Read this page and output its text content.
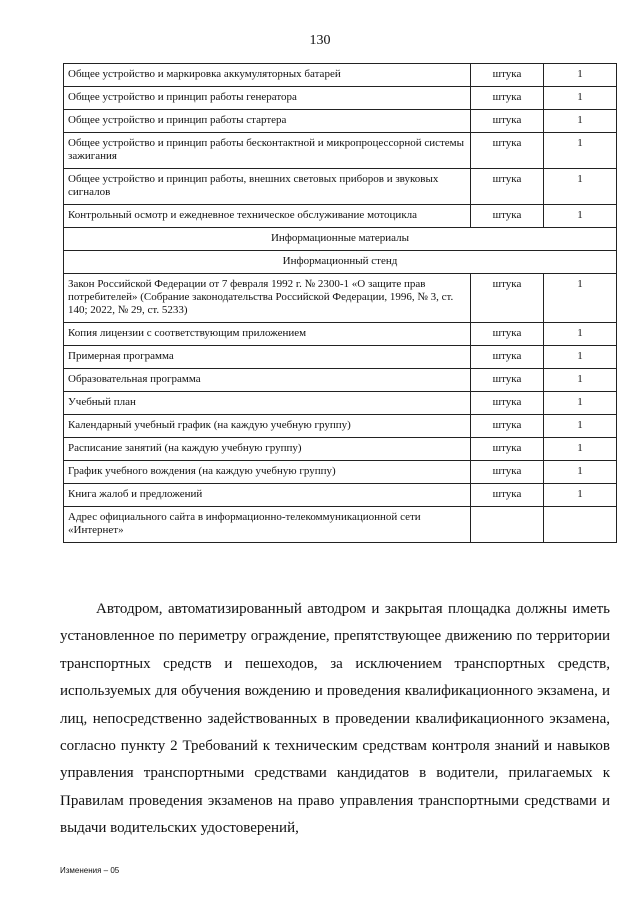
130
Общее устройство и маркировка аккумуляторных батарей	штука	1
Общее устройство и принцип работы генератора	штука	1
Общее устройство и принцип работы стартера	штука	1
Общее устройство и принцип работы бесконтактной и микропроцессорной системы зажигания	штука	1
Общее устройство и принцип работы, внешних световых приборов и звуковых сигналов	штука	1
Контрольный осмотр и ежедневное техническое обслуживание мотоцикла	штука	1
Информационные материалы		
Информационный стенд		
Закон Российской Федерации от 7 февраля 1992 г. № 2300-1 «О защите прав потребителей» (Собрание законодательства Российской Федерации, 1996, № 3, ст. 140; 2022, № 29, ст. 5233)	штука	1
Копия лицензии с соответствующим приложением	штука	1
Примерная программа	штука	1
Образовательная программа	штука	1
Учебный план	штука	1
Календарный учебный график (на каждую учебную группу)	штука	1
Расписание занятий (на каждую учебную группу)	штука	1
График учебного вождения (на каждую учебную группу)	штука	1
Книга жалоб и предложений	штука	1
Адрес официального сайта в информационно-телекоммуникационной сети «Интернет»		

Автодром, автоматизированный автодром и закрытая площадка должны иметь установленное по периметру ограждение, препятствующее движению по территории транспортных средств и пешеходов, за исключением транспортных средств, используемых для обучения вождению и проведения квалификационного экзамена, и лиц, непосредственно задействованных в проведении квалификационного экзамена, согласно пункту 2 Требований к техническим средствам контроля знаний и навыков управления транспортными средствами кандидатов в водители, прилагаемых к Правилам проведения экзаменов на право управления транспортными средствами и выдачи водительских удостоверений,

Изменения – 05
